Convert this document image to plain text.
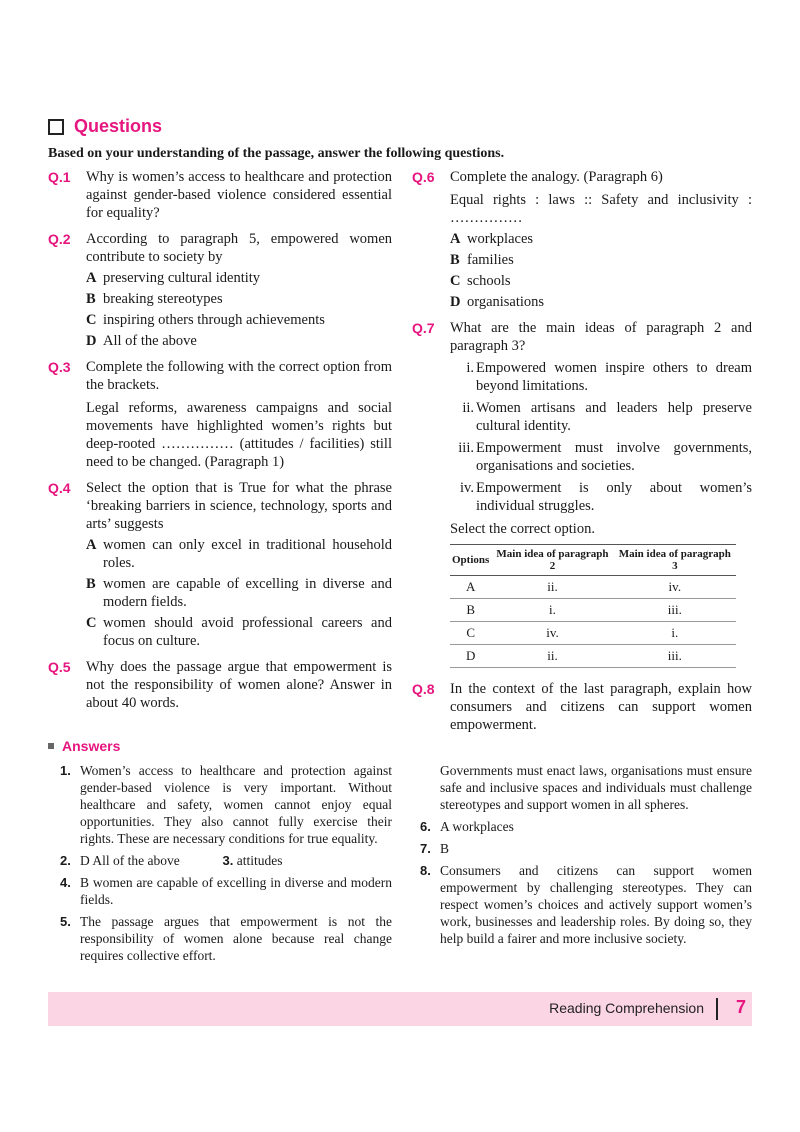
Questions
Based on your understanding of the passage, answer the following questions.
Q.1 Why is women’s access to healthcare and protection against gender-based violence considered essential for equality?
Q.2 According to paragraph 5, empowered women contribute to society by
A preserving cultural identity
B breaking stereotypes
C inspiring others through achievements
D All of the above
Q.3 Complete the following with the correct option from the brackets.
Legal reforms, awareness campaigns and social movements have highlighted women’s rights but deep-rooted …………… (attitudes / facilities) still need to be changed. (Paragraph 1)
Q.4 Select the option that is True for what the phrase ‘breaking barriers in science, technology, sports and arts’ suggests
A women can only excel in traditional household roles.
B women are capable of excelling in diverse and modern fields.
C women should avoid professional careers and focus on culture.
Q.5 Why does the passage argue that empowerment is not the responsibility of women alone? Answer in about 40 words.
Q.6 Complete the analogy. (Paragraph 6)
Equal rights : laws :: Safety and inclusivity : ……………
A workplaces
B families
C schools
D organisations
Q.7 What are the main ideas of paragraph 2 and paragraph 3?
i. Empowered women inspire others to dream beyond limitations.
ii. Women artisans and leaders help preserve cultural identity.
iii. Empowerment must involve governments, organisations and societies.
iv. Empowerment is only about women’s individual struggles.
Select the correct option.
Options	Main idea of paragraph 2	Main idea of paragraph 3
A	ii.	iv.
B	i.	iii.
C	iv.	i.
D	ii.	iii.
Q.8 In the context of the last paragraph, explain how consumers and citizens can support women empowerment.
Answers
1. Women’s access to healthcare and protection against gender-based violence is very important. Without healthcare and safety, women cannot enjoy equal opportunities. They also cannot fully exercise their rights. These are necessary conditions for true equality.
2. D All of the above	3. attitudes
4. B women are capable of excelling in diverse and modern fields.
5. The passage argues that empowerment is not the responsibility of women alone because real change requires collective effort.
Governments must enact laws, organisations must ensure safe and inclusive spaces and individuals must challenge stereotypes and support women in all spheres.
6. A workplaces
7. B
8. Consumers and citizens can support women empowerment by challenging stereotypes. They can respect women’s choices and actively support women’s work, businesses and leadership roles. By doing so, they help build a fairer and more inclusive society.
Reading Comprehension 7
